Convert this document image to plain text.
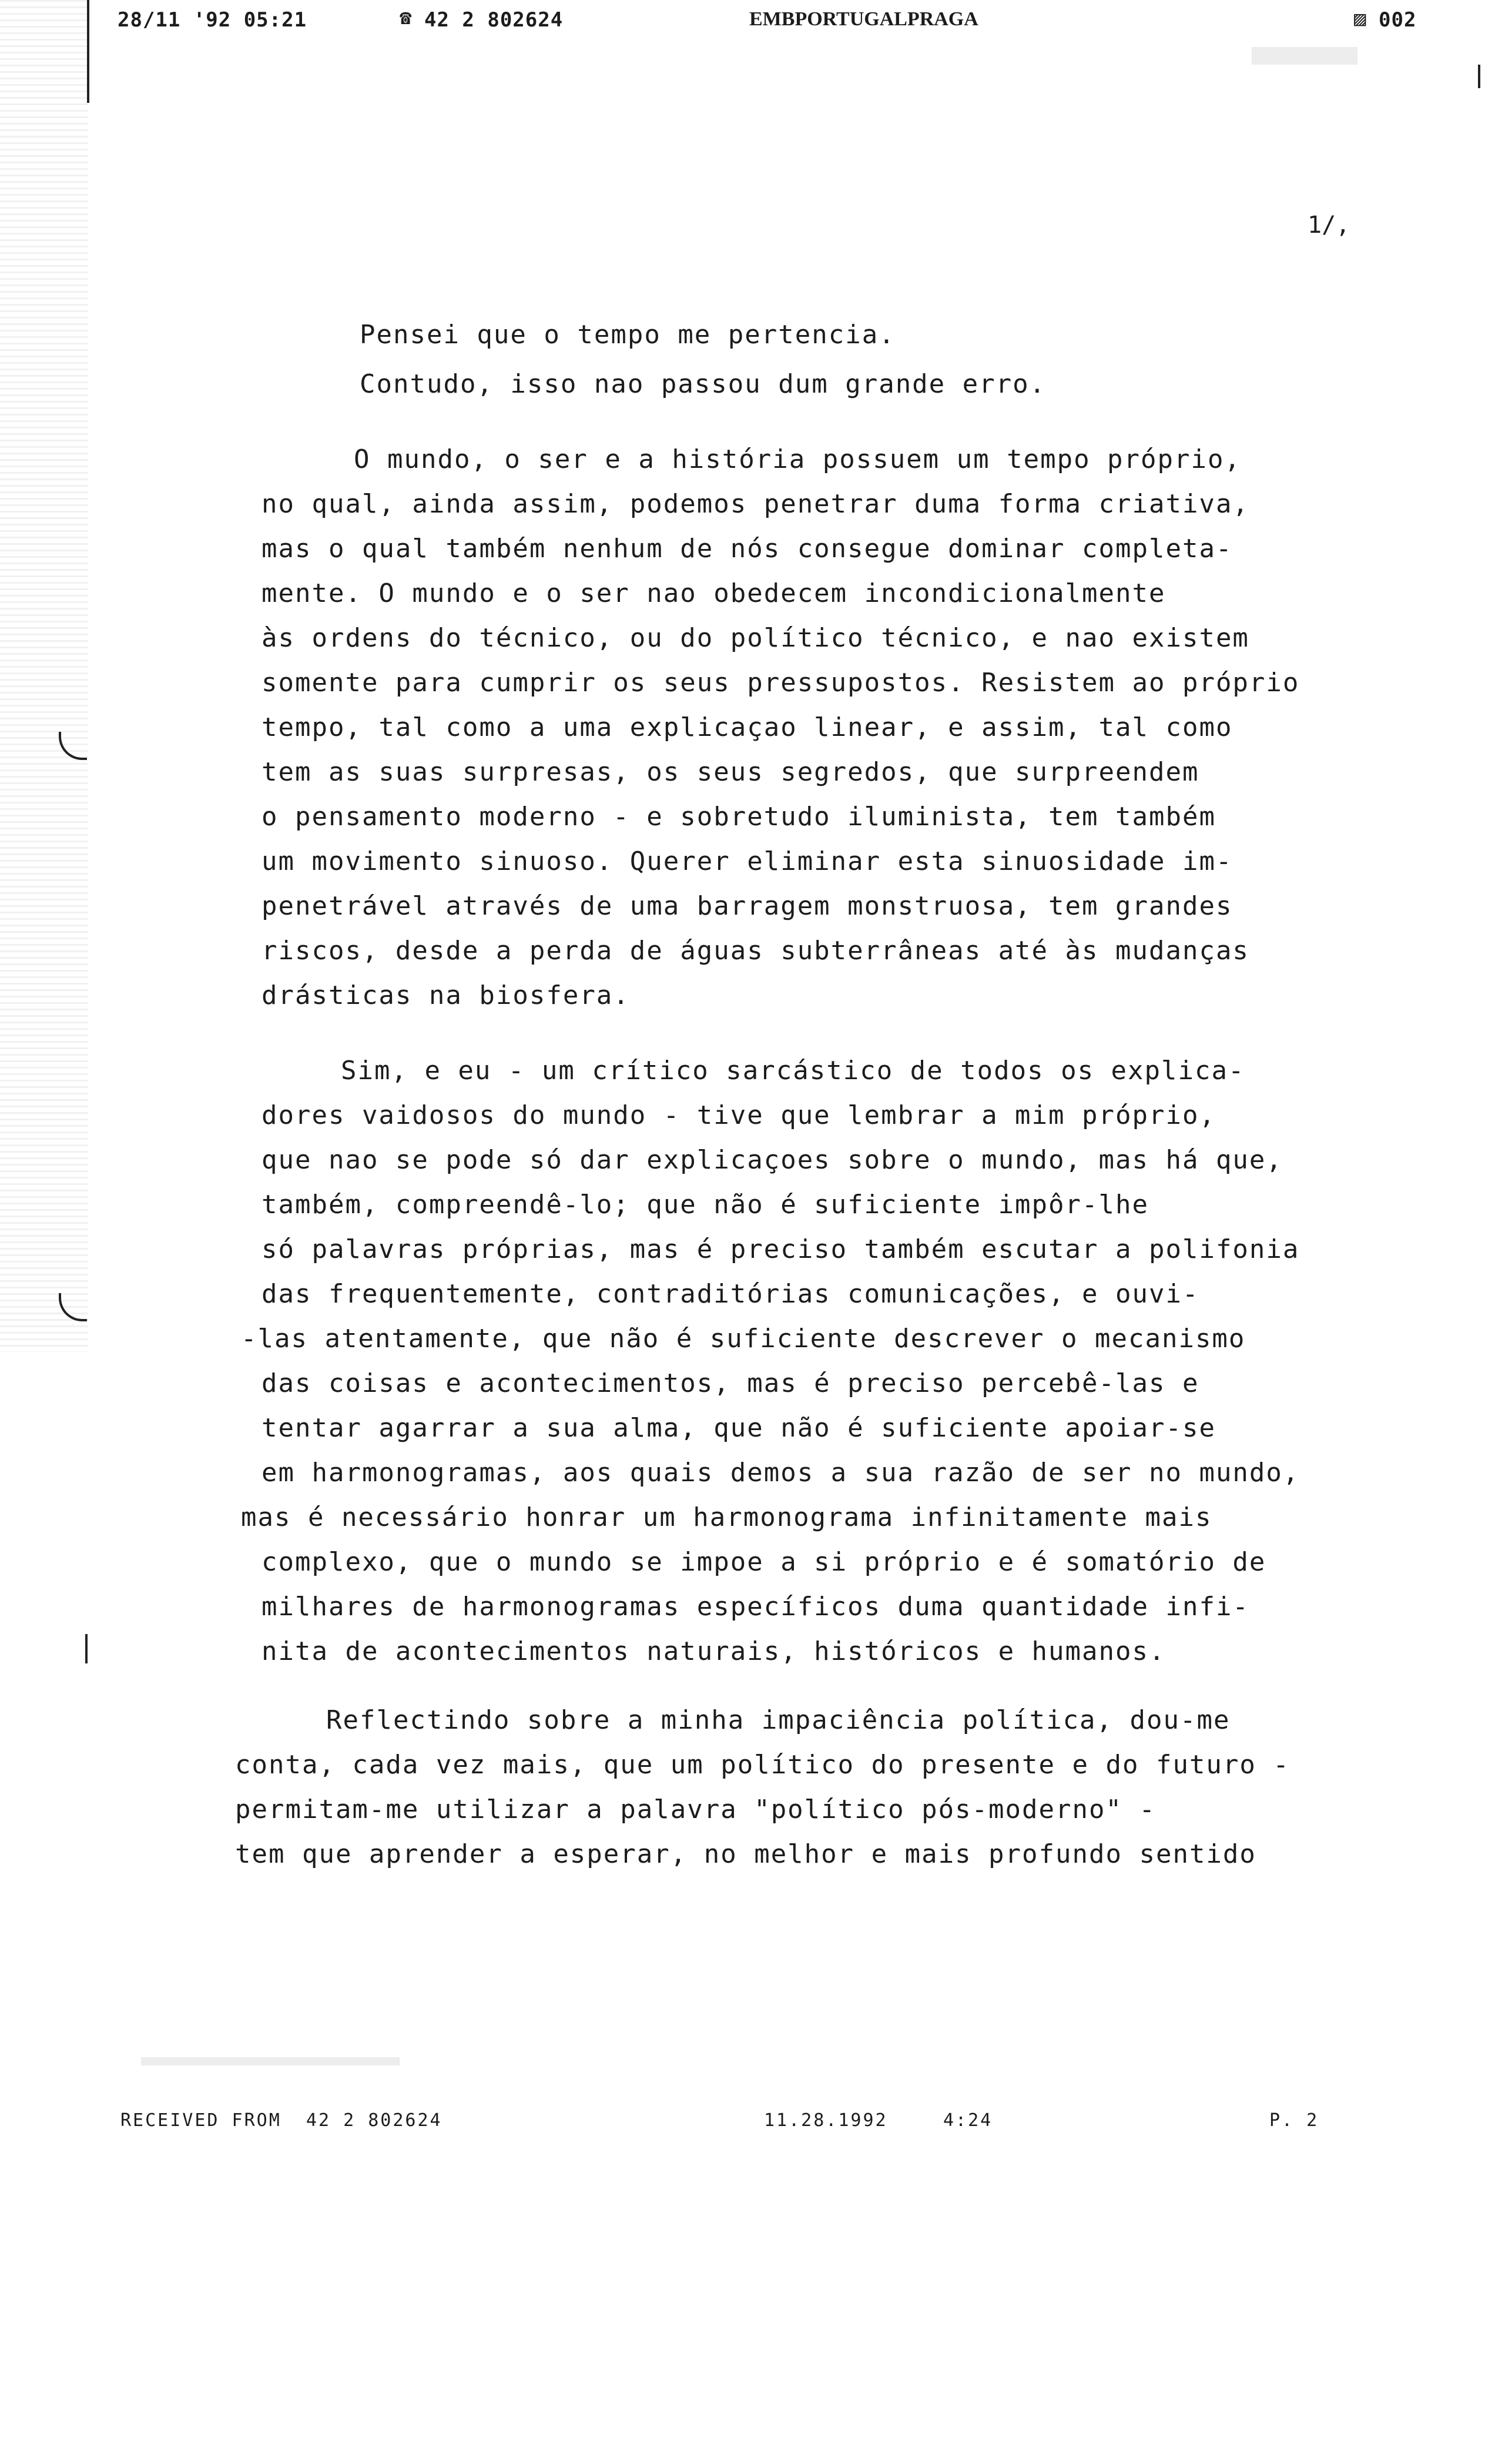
28/11 '92 05:21	☎ 42 2 802624	EMBPORTUGALPRAGA	▨ 002
1/,
Pensei que o tempo me pertencia.
Contudo, isso nao passou dum grande erro.
O mundo, o ser e a história possuem um tempo próprio,
no qual, ainda assim, podemos penetrar duma forma criativa,
mas o qual também nenhum de nós consegue dominar completa-
mente. O mundo e o ser nao obedecem incondicionalmente
às ordens do técnico, ou do político técnico, e nao existem
somente para cumprir os seus pressupostos. Resistem ao próprio
tempo, tal como a uma explicaçao linear, e assim, tal como
tem as suas surpresas, os seus segredos, que surpreendem
o pensamento moderno - e sobretudo iluminista, tem também
um movimento sinuoso. Querer eliminar esta sinuosidade im-
penetrável através de uma barragem monstruosa, tem grandes
riscos, desde a perda de águas subterrâneas até às mudanças
drásticas na biosfera.
Sim, e eu - um crítico sarcástico de todos os explica-
dores vaidosos do mundo - tive que lembrar a mim próprio,
que nao se pode só dar explicaçoes sobre o mundo, mas há que,
também, compreendê-lo; que não é suficiente impôr-lhe
só palavras próprias, mas é preciso também escutar a polifonia
das frequentemente, contraditórias comunicações, e ouvi-
-las atentamente, que não é suficiente descrever o mecanismo
das coisas e acontecimentos, mas é preciso percebê-las e
tentar agarrar a sua alma, que não é suficiente apoiar-se
em harmonogramas, aos quais demos a sua razão de ser no mundo,
mas é necessário honrar um harmonograma infinitamente mais
complexo, que o mundo se impoe a si próprio e é somatório de
milhares de harmonogramas específicos duma quantidade infi-
nita de acontecimentos naturais, históricos e humanos.
Reflectindo sobre a minha impaciência política, dou-me
conta, cada vez mais, que um político do presente e do futuro -
permitam-me utilizar a palavra "político pós-moderno" -
tem que aprender a esperar, no melhor e mais profundo sentido
RECEIVED FROM  42 2 802624	11.28.1992	4:24	P. 2
